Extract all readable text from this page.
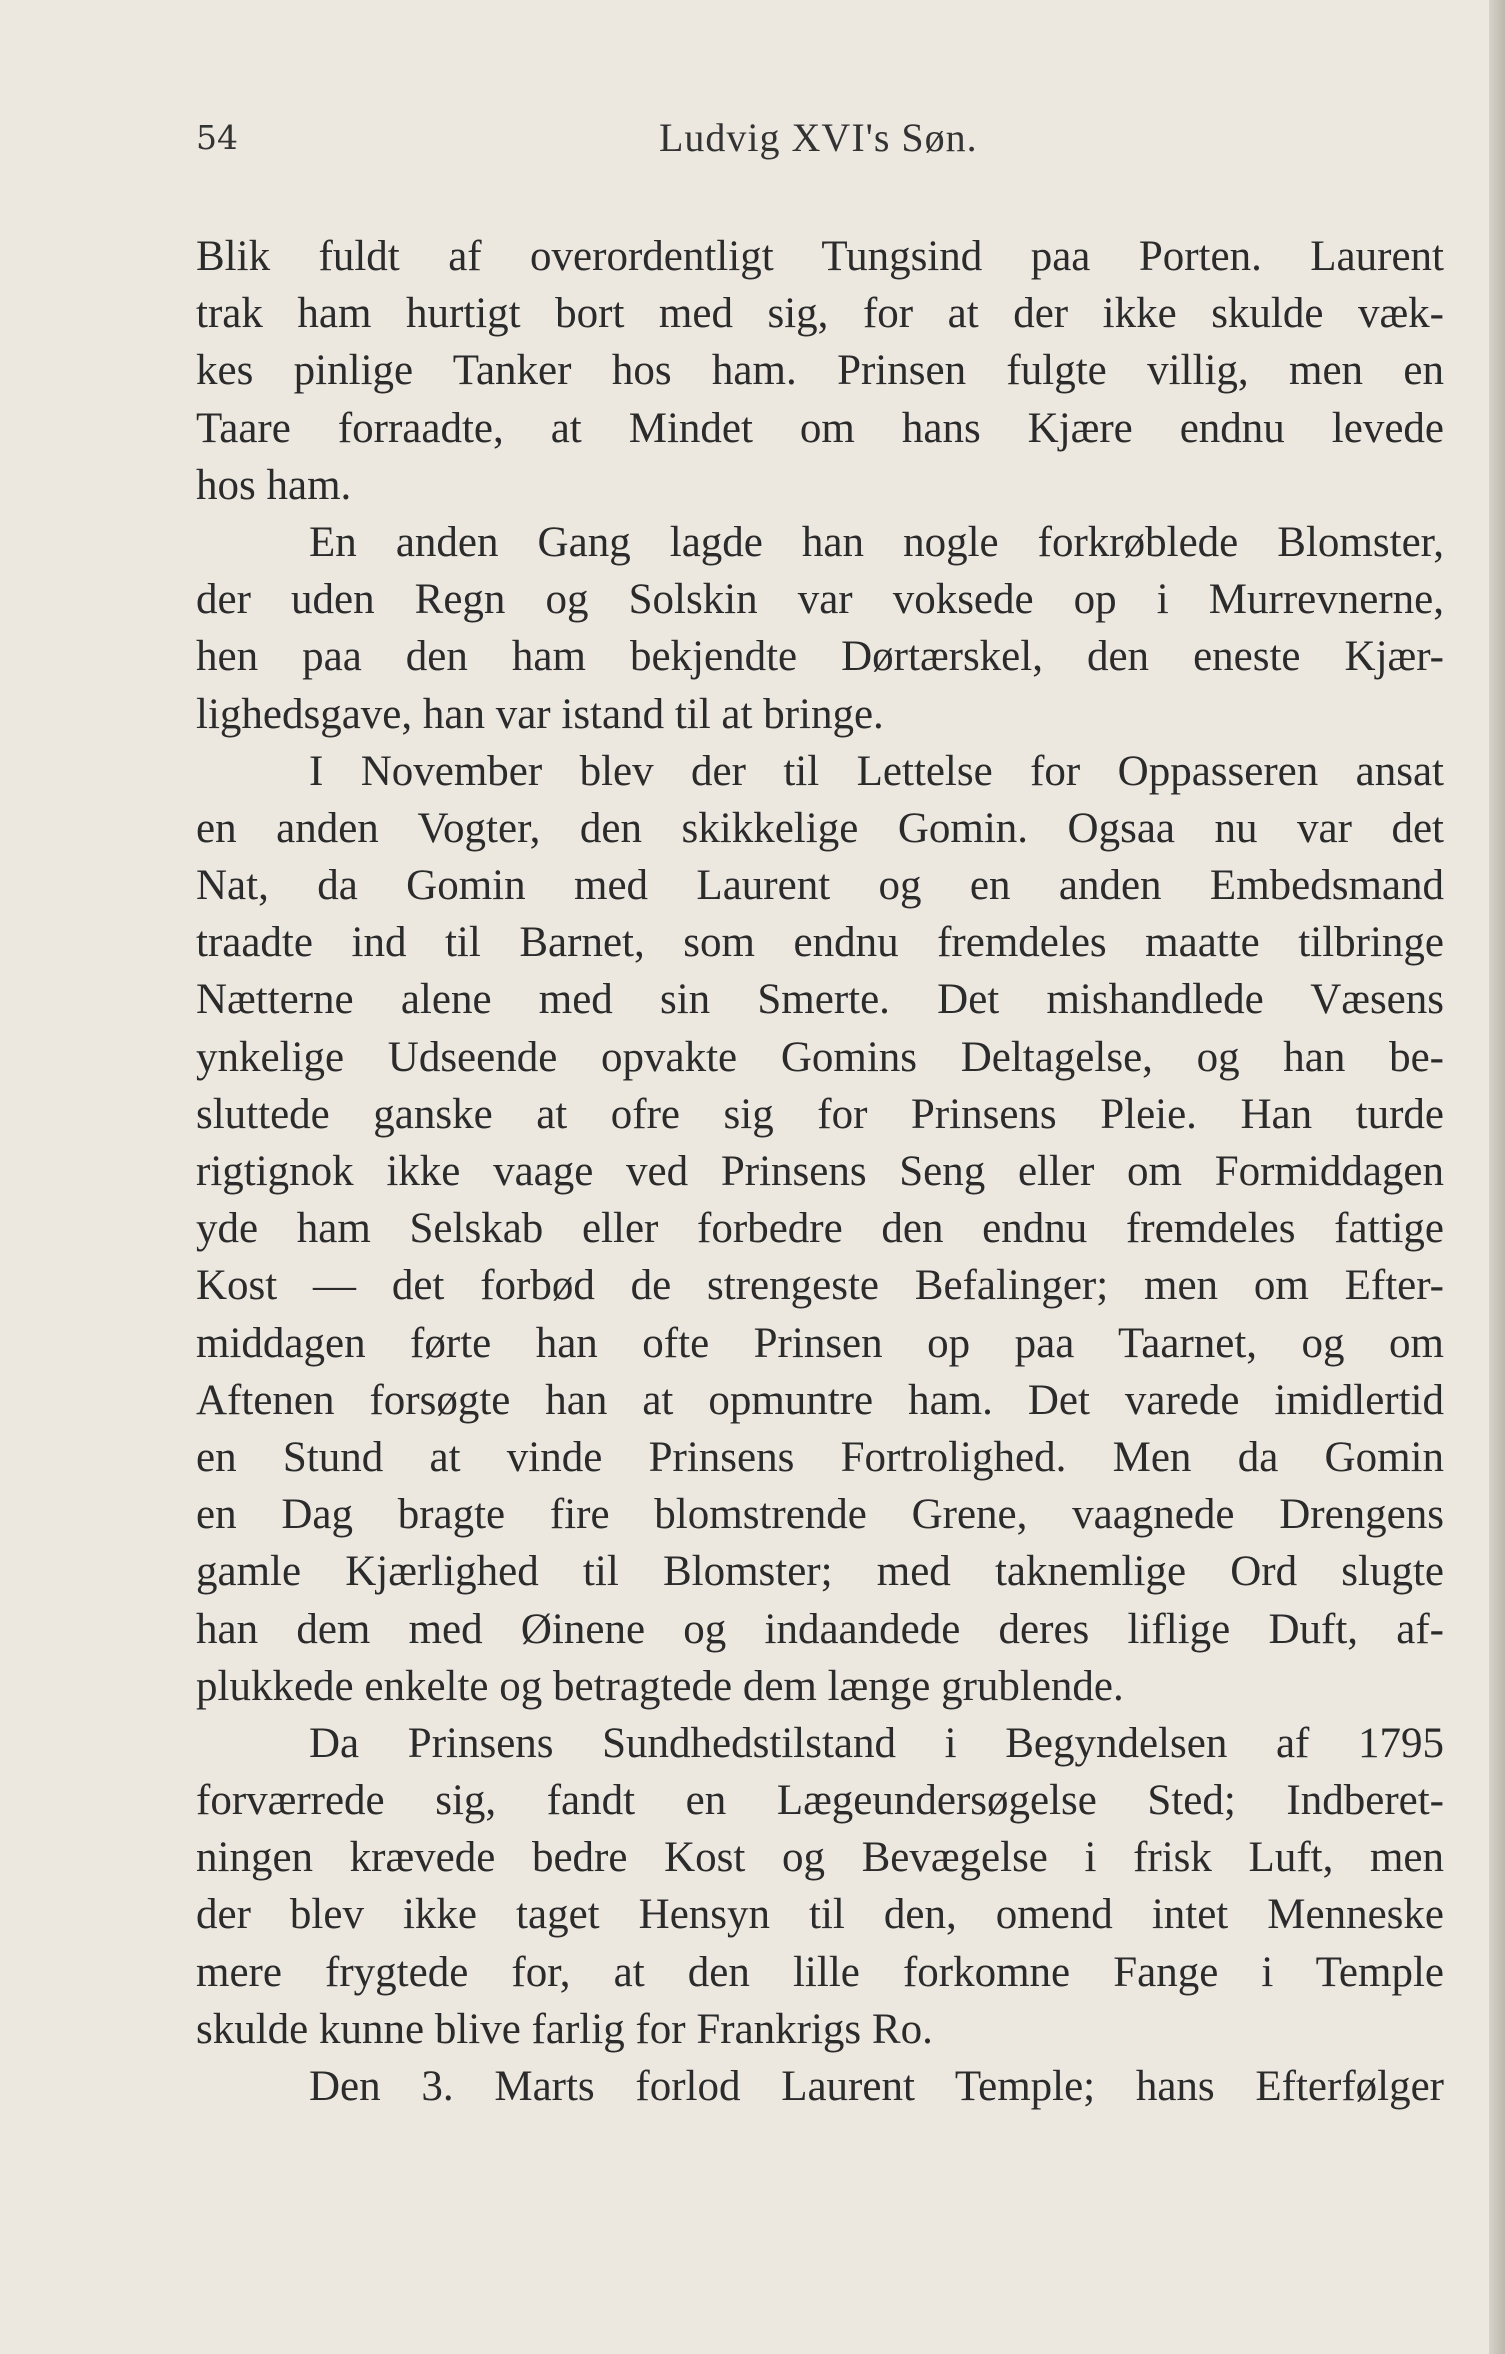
54	Ludvig XVI's Søn.
Blik fuldt af overordentligt Tungsind paa Porten. Laurent
trak ham hurtigt bort med sig, for at der ikke skulde væk-
kes pinlige Tanker hos ham. Prinsen fulgte villig, men en
Taare forraadte, at Mindet om hans Kjære endnu levede
hos ham.
En anden Gang lagde han nogle forkrøblede Blomster,
der uden Regn og Solskin var voksede op i Murrevnerne,
hen paa den ham bekjendte Dørtærskel, den eneste Kjær-
lighedsgave, han var istand til at bringe.
I November blev der til Lettelse for Oppasseren ansat
en anden Vogter, den skikkelige Gomin. Ogsaa nu var det
Nat, da Gomin med Laurent og en anden Embedsmand
traadte ind til Barnet, som endnu fremdeles maatte tilbringe
Nætterne alene med sin Smerte. Det mishandlede Væsens
ynkelige Udseende opvakte Gomins Deltagelse, og han be-
sluttede ganske at ofre sig for Prinsens Pleie. Han turde
rigtignok ikke vaage ved Prinsens Seng eller om Formiddagen
yde ham Selskab eller forbedre den endnu fremdeles fattige
Kost — det forbød de strengeste Befalinger; men om Efter-
middagen førte han ofte Prinsen op paa Taarnet, og om
Aftenen forsøgte han at opmuntre ham. Det varede imidlertid
en Stund at vinde Prinsens Fortrolighed. Men da Gomin
en Dag bragte fire blomstrende Grene, vaagnede Drengens
gamle Kjærlighed til Blomster; med taknemlige Ord slugte
han dem med Øinene og indaandede deres liflige Duft, af-
plukkede enkelte og betragtede dem længe grublende.
Da Prinsens Sundhedstilstand i Begyndelsen af 1795
forværrede sig, fandt en Lægeundersøgelse Sted; Indberet-
ningen krævede bedre Kost og Bevægelse i frisk Luft, men
der blev ikke taget Hensyn til den, omend intet Menneske
mere frygtede for, at den lille forkomne Fange i Temple
skulde kunne blive farlig for Frankrigs Ro.
Den 3. Marts forlod Laurent Temple; hans Efterfølger
